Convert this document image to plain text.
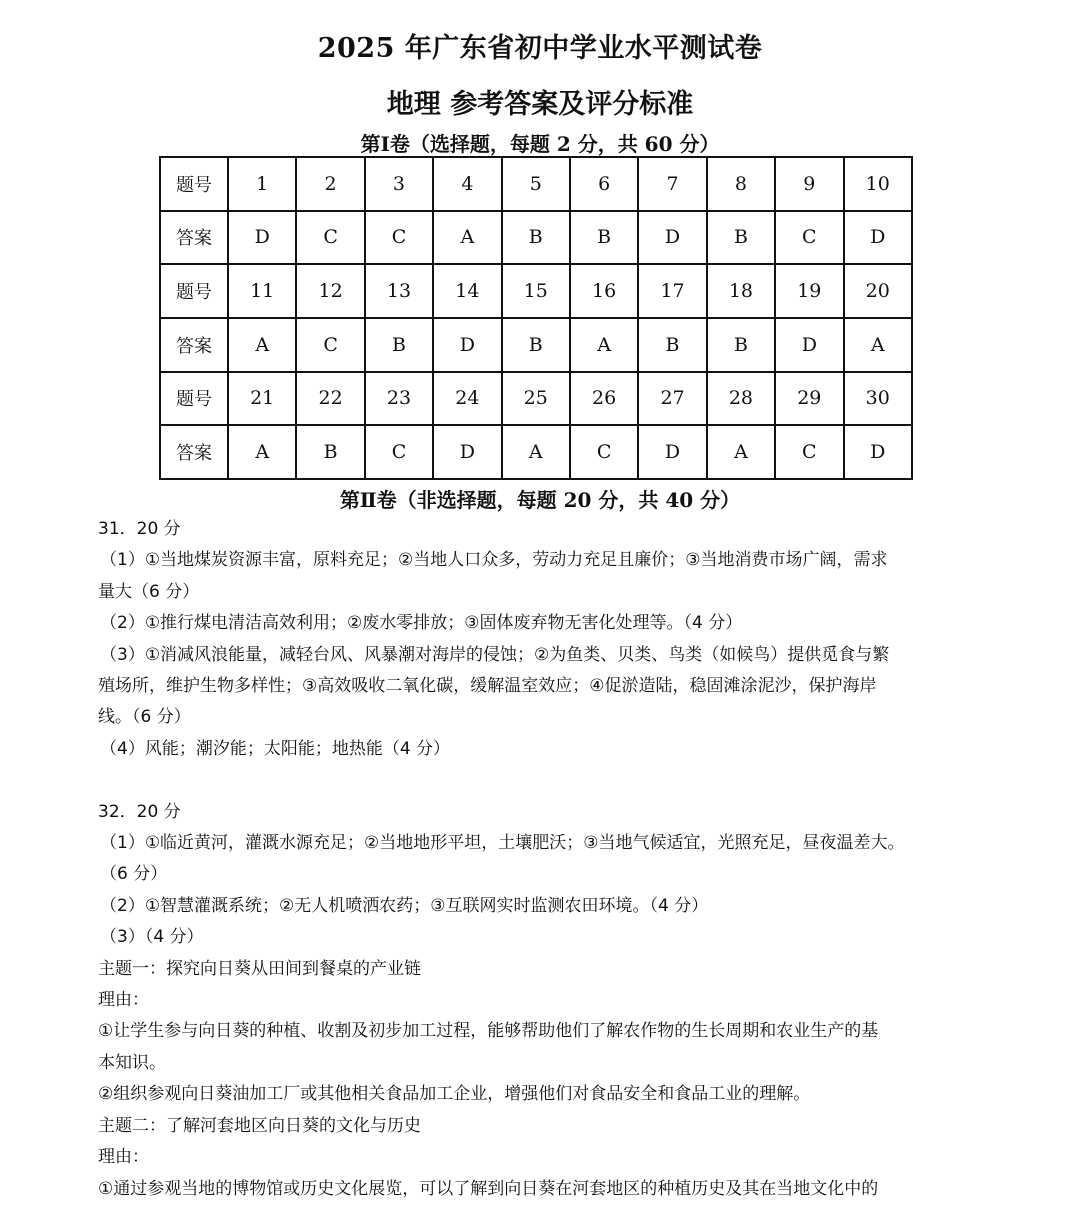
2025 年广东省初中学业水平测试卷
地理 参考答案及评分标准
第Ⅰ卷（选择题，每题 2 分，共 60 分）
题号	1	2	3	4	5	6	7	8	9	10
答案	D	C	C	A	B	B	D	B	C	D
题号	11	12	13	14	15	16	17	18	19	20
答案	A	C	B	D	B	A	B	B	D	A
题号	21	22	23	24	25	26	27	28	29	30
答案	A	B	C	D	A	C	D	A	C	D
第Ⅱ卷（非选择题，每题 20 分，共 40 分）

31．20 分

（1）①当地煤炭资源丰富，原料充足；②当地人口众多，劳动力充足且廉价；③当地消费市场广阔，需求

量大（6 分）

（2）①推行煤电清洁高效利用；②废水零排放；③固体废弃物无害化处理等。（4 分）

（3）①消减风浪能量，减轻台风、风暴潮对海岸的侵蚀；②为鱼类、贝类、鸟类（如候鸟）提供觅食与繁

殖场所，维护生物多样性；③高效吸收二氧化碳，缓解温室效应；④促淤造陆，稳固滩涂泥沙，保护海岸

线。（6 分）

（4）风能；潮汐能；太阳能；地热能（4 分）

32．20 分

（1）①临近黄河，灌溉水源充足；②当地地形平坦，土壤肥沃；③当地气候适宜，光照充足，昼夜温差大。

（6 分）

（2）①智慧灌溉系统；②无人机喷洒农药；③互联网实时监测农田环境。（4 分）

（3）（4 分）

主题一：探究向日葵从田间到餐桌的产业链

理由：

①让学生参与向日葵的种植、收割及初步加工过程，能够帮助他们了解农作物的生长周期和农业生产的基

本知识。

②组织参观向日葵油加工厂或其他相关食品加工企业，增强他们对食品安全和食品工业的理解。

主题二：了解河套地区向日葵的文化与历史

理由：

①通过参观当地的博物馆或历史文化展览，可以了解到向日葵在河套地区的种植历史及其在当地文化中的
